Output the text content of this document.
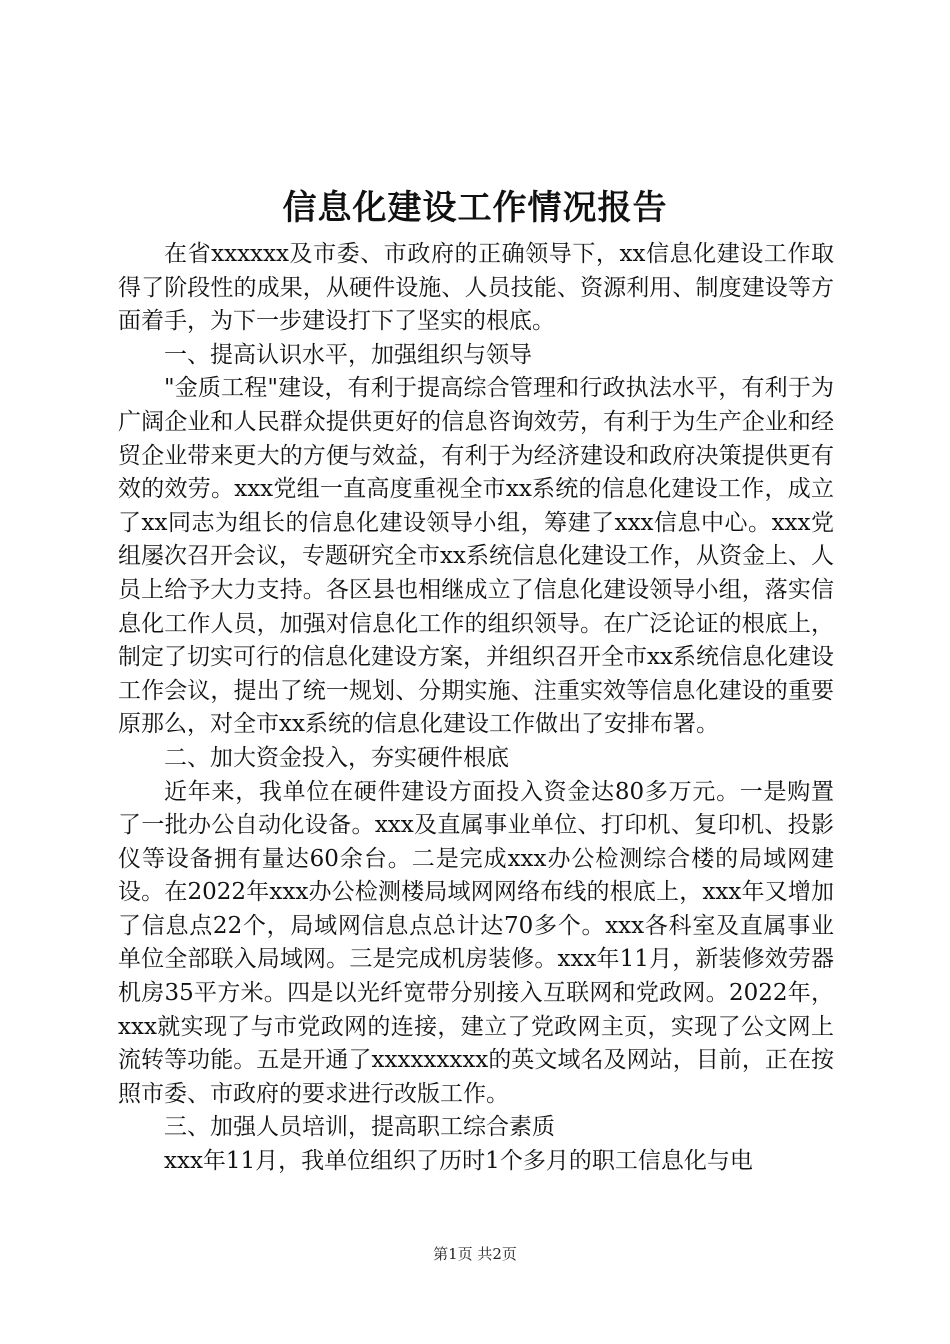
信息化建设工作情况报告

在省xxxxxx及市委、市政府的正确领导下，xx信息化建设工作取得了阶段性的成果，从硬件设施、人员技能、资源利用、制度建设等方面着手，为下一步建设打下了坚实的根底。

一、提高认识水平，加强组织与领导

"金质工程"建设，有利于提高综合管理和行政执法水平，有利于为广阔企业和人民群众提供更好的信息咨询效劳，有利于为生产企业和经贸企业带来更大的方便与效益，有利于为经济建设和政府决策提供更有效的效劳。xxx党组一直高度重视全市xx系统的信息化建设工作，成立了xx同志为组长的信息化建设领导小组，筹建了xxx信息中心。xxx党组屡次召开会议，专题研究全市xx系统信息化建设工作，从资金上、人员上给予大力支持。各区县也相继成立了信息化建设领导小组，落实信息化工作人员，加强对信息化工作的组织领导。在广泛论证的根底上，制定了切实可行的信息化建设方案，并组织召开全市xx系统信息化建设工作会议，提出了统一规划、分期实施、注重实效等信息化建设的重要原那么，对全市xx系统的信息化建设工作做出了安排布署。

二、加大资金投入，夯实硬件根底

近年来，我单位在硬件建设方面投入资金达80多万元。一是购置了一批办公自动化设备。xxx及直属事业单位、打印机、复印机、投影仪等设备拥有量达60余台。二是完成xxx办公检测综合楼的局域网建设。在2022年xxx办公检测楼局域网网络布线的根底上，xxx年又增加了信息点22个，局域网信息点总计达70多个。xxx各科室及直属事业单位全部联入局域网。三是完成机房装修。xxx年11月，新装修效劳器机房35平方米。四是以光纤宽带分别接入互联网和党政网。2022年，xxx就实现了与市党政网的连接，建立了党政网主页，实现了公文网上流转等功能。五是开通了xxxxxxxxx的英文域名及网站，目前，正在按照市委、市政府的要求进行改版工作。

三、加强人员培训，提高职工综合素质

xxx年11月，我单位组织了历时1个多月的职工信息化与电

第1页 共2页
